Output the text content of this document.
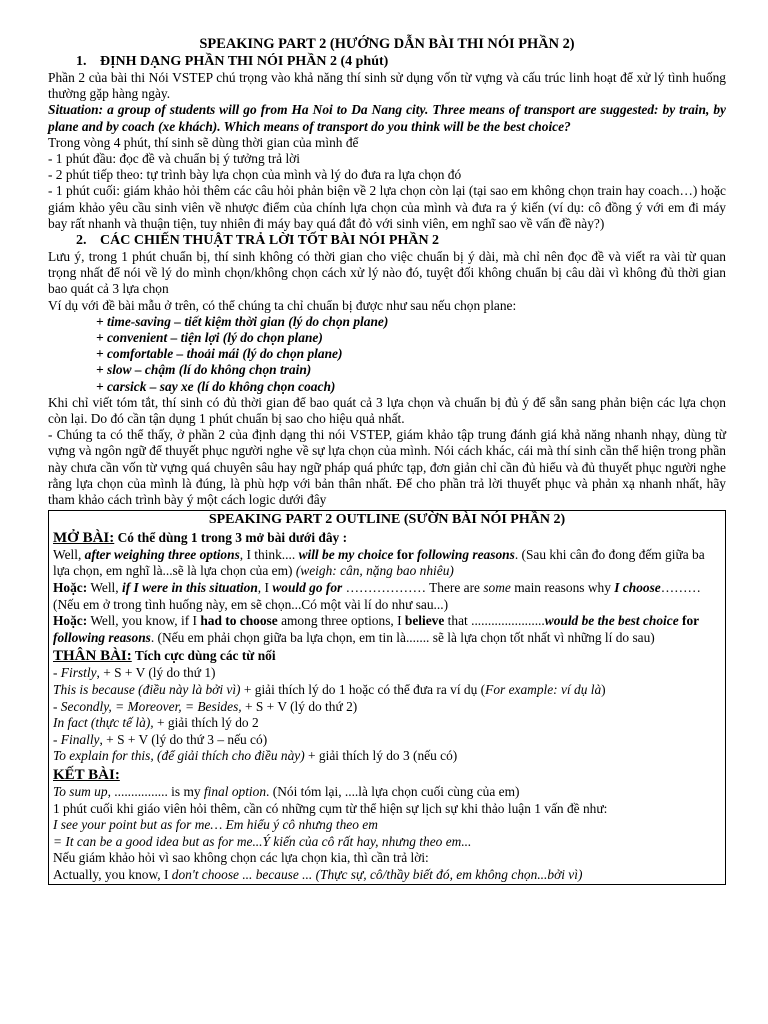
SPEAKING PART 2 (HƯỚNG DẪN BÀI THI NÓI PHẦN 2)
1. ĐỊNH DẠNG PHẦN THI NÓI PHẦN 2 (4 phút)
Phần 2 của bài thi Nói VSTEP chú trọng vào khả năng thí sinh sử dụng vốn từ vựng và cấu trúc linh hoạt để xử lý tình huống thường gặp hàng ngày.
Situation: a group of students will go from Ha Noi to Da Nang city. Three means of transport are suggested: by train, by plane and by coach (xe khách). Which means of transport do you think will be the best choice?
Trong vòng 4 phút, thí sinh sẽ dùng thời gian của mình để
- 1 phút đầu: đọc đề và chuẩn bị ý tưởng trả lời
- 2 phút tiếp theo: tự trình bày lựa chọn của mình và lý do đưa ra lựa chọn đó
- 1 phút cuối: giám khảo hỏi thêm các câu hỏi phản biện về 2 lựa chọn còn lại (tại sao em không chọn train hay coach…) hoặc giám khảo yêu cầu sinh viên về nhược điểm của chính lựa chọn của mình và đưa ra ý kiến (ví dụ: cô đồng ý với em đi máy bay rất nhanh và thuận tiện, tuy nhiên đi máy bay quá đắt đỏ với sinh viên, em nghĩ sao về vấn đề này?)
2. CÁC CHIẾN THUẬT TRẢ LỜI TỐT BÀI NÓI PHẦN 2
Lưu ý, trong 1 phút chuẩn bị, thí sinh không có thời gian cho việc chuẩn bị ý dài, mà chỉ nên đọc đề và viết ra vài từ quan trọng nhất để nói về lý do mình chọn/không chọn cách xử lý nào đó, tuyệt đối không chuẩn bị câu dài vì không đủ thời gian bao quát cả 3 lựa chọn
Ví dụ với đề bài mẫu ở trên, có thể chúng ta chỉ chuẩn bị được như sau nếu chọn plane:
+ time-saving – tiết kiệm thời gian (lý do chọn plane)
+ convenient – tiện lợi (lý do chọn plane)
+ comfortable – thoải mái (lý do chọn plane)
+ slow – chậm (lí do không chọn train)
+ carsick – say xe (lí do không chọn coach)
Khi chỉ viết tóm tắt, thí sinh có đủ thời gian để bao quát cả 3 lựa chọn và chuẩn bị đủ ý để sẵn sang phản biện các lựa chọn còn lại. Do đó cần tận dụng 1 phút chuẩn bị sao cho hiệu quả nhất.
- Chúng ta có thể thấy, ở phần 2 của định dạng thi nói VSTEP, giám khảo tập trung đánh giá khả năng nhanh nhạy, dùng từ vựng và ngôn ngữ để thuyết phục người nghe về sự lựa chọn của mình. Nói cách khác, cái mà thí sinh cần thể hiện trong phần này chưa cần vốn từ vựng quá chuyên sâu hay ngữ pháp quá phức tạp, đơn giản chỉ cần đủ hiểu và đủ thuyết phục người nghe rằng lựa chọn của mình là đúng, là phù hợp với bản thân nhất. Để cho phần trả lời thuyết phục và phản xạ nhanh nhất, hãy tham khảo cách trình bày ý một cách logic dưới đây
SPEAKING PART 2 OUTLINE (SƯỜN BÀI NÓI PHẦN 2)
MỞ BÀI: Có thể dùng 1 trong 3 mở bài dưới đây :
Well, after weighing three options, I think.... will be my choice for following reasons. (Sau khi cân đo đong đếm giữa ba lựa chọn, em nghĩ là...sẽ là lựa chọn của em) (weigh: cân, nặng bao nhiêu)
Hoặc: Well, if I were in this situation, I would go for ……………… There are some main reasons why I choose……… (Nếu em ở trong tình huống này, em sẽ chọn...Có một vài lí do như sau...)
Hoặc: Well, you know, if I had to choose among three options, I believe that ......................would be the best choice for following reasons. (Nếu em phải chọn giữa ba lựa chọn, em tin là....... sẽ là lựa chọn tốt nhất vì những lí do sau)
THÂN BÀI: Tích cực dùng các từ nối
- Firstly, + S + V (lý do thứ 1)
This is because (điều này là bởi vì) + giải thích lý do 1 hoặc có thể đưa ra ví dụ (For example: ví dụ là)
- Secondly, = Moreover, = Besides, + S + V (lý do thứ 2)
In fact (thực tế là), + giải thích lý do 2
- Finally, + S + V (lý do thứ 3 – nếu có)
To explain for this, (để giải thích cho điều này) + giải thích lý do 3 (nếu có)
KẾT BÀI:
To sum up, ................ is my final option. (Nói tóm lại, ....là lựa chọn cuối cùng của em)
1 phút cuối khi giáo viên hỏi thêm, cần có những cụm từ thể hiện sự lịch sự khi thảo luận 1 vấn đề như:
I see your point but as for me… Em hiểu ý cô nhưng theo em
= It can be a good idea but as for me...Ý kiến của cô rất hay, nhưng theo em...
Nếu giám khảo hỏi vì sao không chọn các lựa chọn kia, thì cần trả lời:
Actually, you know, I don't choose ... because ... (Thực sự, cô/thầy biết đó, em không chọn...bởi vì)
